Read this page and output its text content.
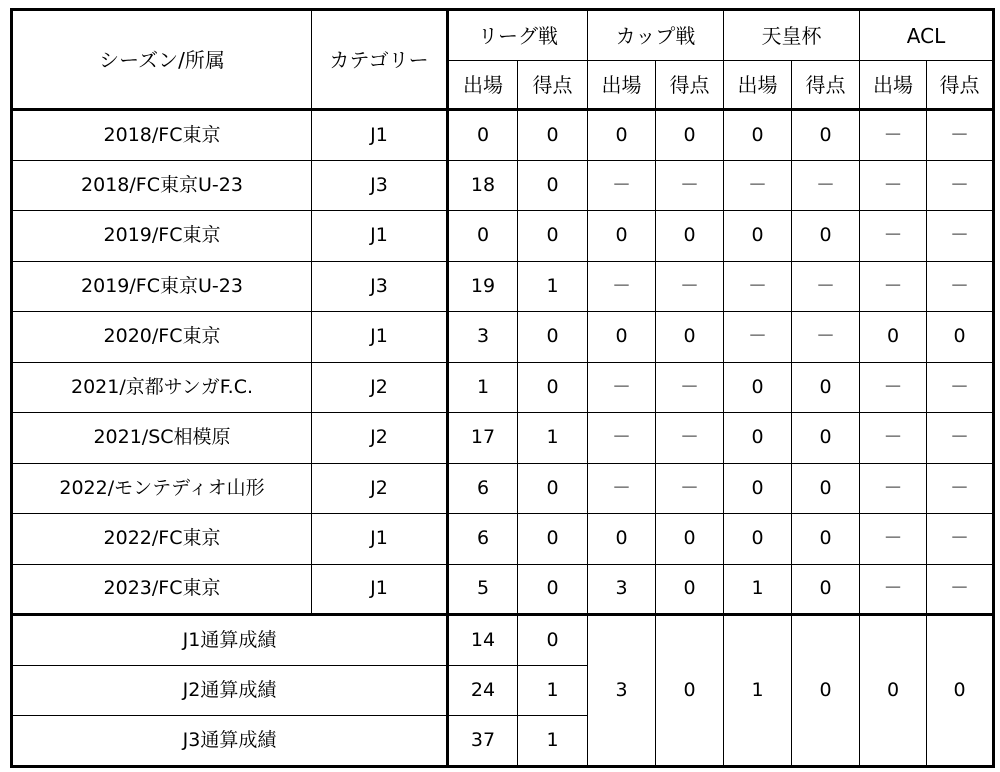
シーズン/所属	カテゴリー	リーグ戦		カップ戦		天皇杯		ACL	
		出場	得点	出場	得点	出場	得点	出場	得点
2018/FC東京	J1	0	0	0	0	0	0	－	－
2018/FC東京U-23	J3	18	0	－	－	－	－	－	－
2019/FC東京	J1	0	0	0	0	0	0	－	－
2019/FC東京U-23	J3	19	1	－	－	－	－	－	－
2020/FC東京	J1	3	0	0	0	－	－	0	0
2021/京都サンガF.C.	J2	1	0	－	－	0	0	－	－
2021/SC相模原	J2	17	1	－	－	0	0	－	－
2022/モンテディオ山形	J2	6	0	－	－	0	0	－	－
2022/FC東京	J1	6	0	0	0	0	0	－	－
2023/FC東京	J1	5	0	3	0	1	0	－	－
J1通算成績		14	0	3	0	1	0	0	0
J2通算成績		24	1						
J3通算成績		37	1						
